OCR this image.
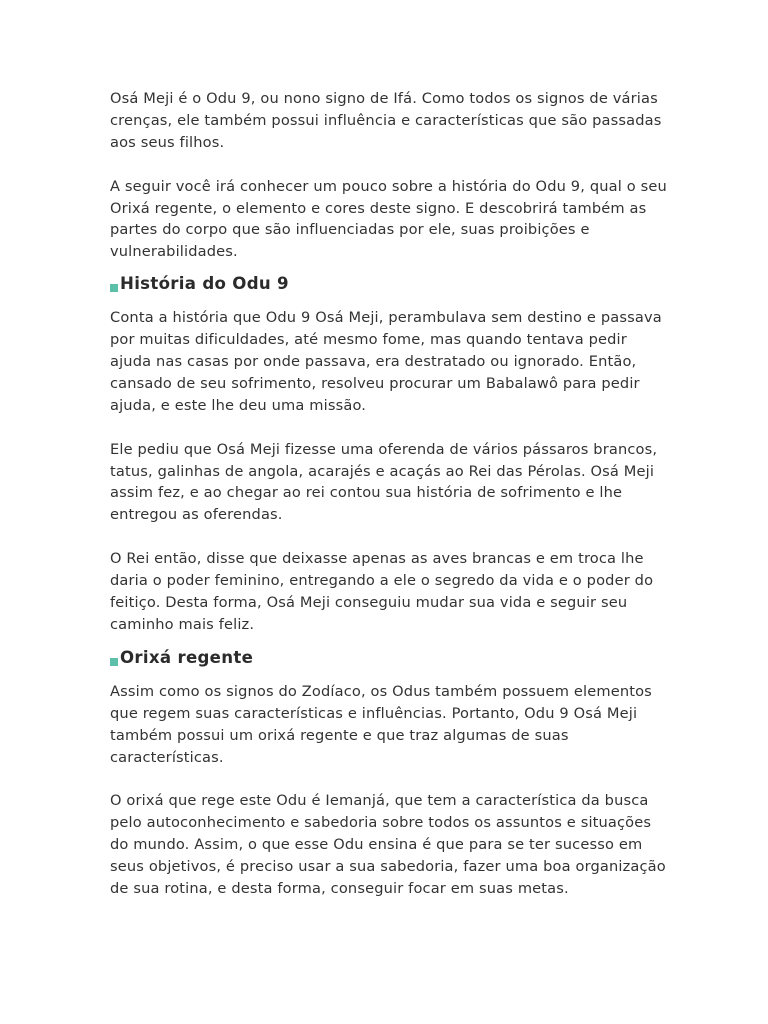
Osá Meji é o Odu 9, ou nono signo de Ifá. Como todos os signos de várias crenças, ele também possui influência e características que são passadas aos seus filhos.

A seguir você irá conhecer um pouco sobre a história do Odu 9, qual o seu Orixá regente, o elemento e cores deste signo. E descobrirá também as partes do corpo que são influenciadas por ele, suas proibições e vulnerabilidades.

História do Odu 9

Conta a história que Odu 9 Osá Meji, perambulava sem destino e passava por muitas dificuldades, até mesmo fome, mas quando tentava pedir ajuda nas casas por onde passava, era destratado ou ignorado. Então, cansado de seu sofrimento, resolveu procurar um Babalawô para pedir ajuda, e este lhe deu uma missão.

Ele pediu que Osá Meji fizesse uma oferenda de vários pássaros brancos, tatus, galinhas de angola, acarajés e acaçás ao Rei das Pérolas. Osá Meji assim fez, e ao chegar ao rei contou sua história de sofrimento e lhe entregou as oferendas.

O Rei então, disse que deixasse apenas as aves brancas e em troca lhe daria o poder feminino, entregando a ele o segredo da vida e o poder do feitiço. Desta forma, Osá Meji conseguiu mudar sua vida e seguir seu caminho mais feliz.

Orixá regente

Assim como os signos do Zodíaco, os Odus também possuem elementos que regem suas características e influências. Portanto, Odu 9 Osá Meji também possui um orixá regente e que traz algumas de suas características.

O orixá que rege este Odu é Iemanjá, que tem a característica da busca pelo autoconhecimento e sabedoria sobre todos os assuntos e situações do mundo. Assim, o que esse Odu ensina é que para se ter sucesso em seus objetivos, é preciso usar a sua sabedoria, fazer uma boa organização de sua rotina, e desta forma, conseguir focar em suas metas.
